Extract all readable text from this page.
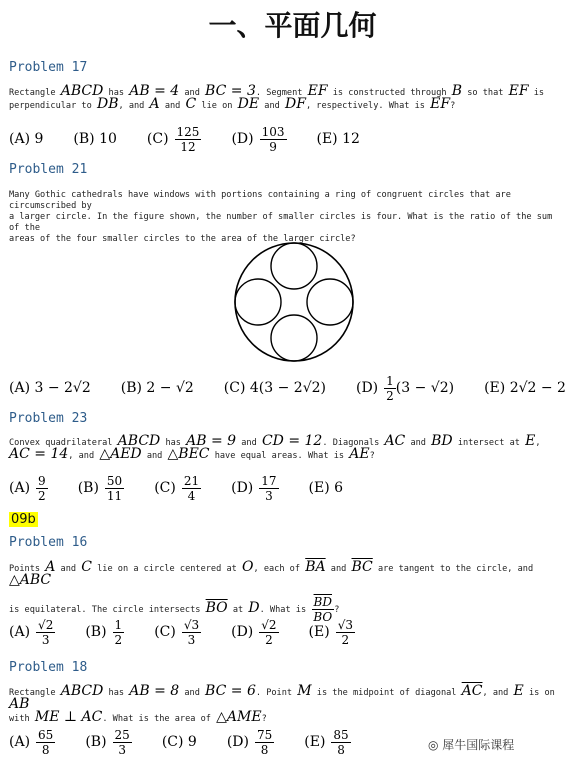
一、平面几何
Problem 17
Rectangle ABCD has AB = 4 and BC = 3. Segment EF is constructed through B so that EF is
perpendicular to DB, and A and C lie on DE and DF, respectively. What is EF?
(A) 9 (B) 10 $(C) \frac{125}{12} (D) \frac{103}{9} (E)$ 12
Problem 21
Many Gothic cathedrals have windows with portions containing a ring of congruent circles that are circumscribed by
a larger circle. In the figure shown, the number of smaller circles is four. What is the ratio of the sum of the
areas of the four smaller circles to the area of the larger circle?
(A) 3 − 2√2 (B) 2 − √2 (C) 4(3 − 2√2) $(D) \frac{1}{2} (3 - √2)$ (E) 2√2 − 2
Problem 23
Convex quadrilateral ABCD has AB = 9 and CD = 12. Diagonals AC and BD intersect at E,
AC = 14, and △AED and △BEC have equal areas. What is AE?
$(A) \frac{9}{2} (B) \frac{50}{11} (C) \frac{21}{4} (D) \frac{17}{3} (E)$ 6
09b
Problem 16
Points A and C lie on a circle centered at O, each of $\overline{BA}$ and $\overline{BC}$ are tangent to the circle, and △ABC
is equilateral. The circle intersects $\overline{BO}$ at D. What is $\frac{\overline{BD}}{BO}$ ?
$(A) \frac{√2}{3} (B) \frac{1}{2} (C) \frac{√3}{3} (D) \frac{√2}{2} (E) \frac{√3}{2}$
Problem 18
Rectangle ABCD has AB = 8 and BC = 6. Point M is the midpoint of diagonal $\overline{AC}$, and E is on AB
with ME ⊥ AC. What is the area of △AME?
$(A) \frac{65}{8} (B) \frac{25}{3} (C)$ 9 $(D) \frac{75}{8} (E) \frac{85}{8}$	◎ 犀牛国际课程
